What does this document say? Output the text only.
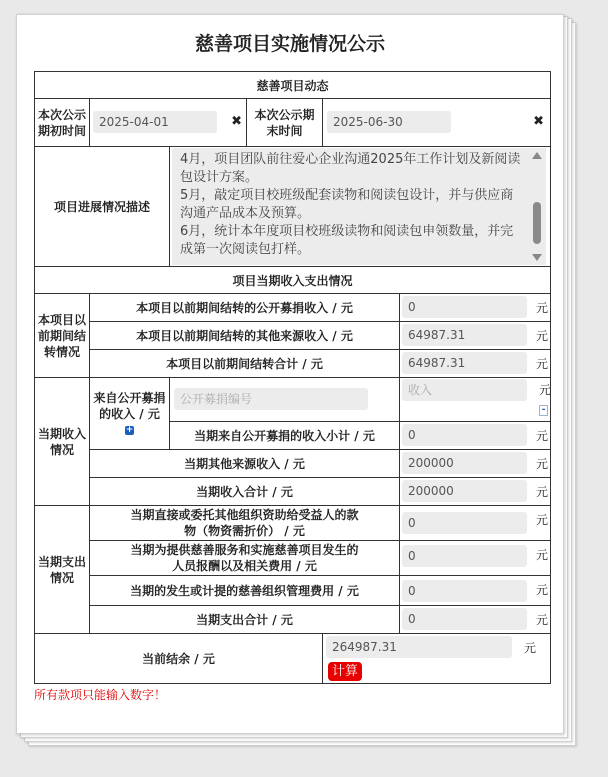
慈善项目实施情况公示
慈善项目动态					
本次公示期初时间	2025-04-01 ✖		本次公示期末时间	2025-06-30 ✖	

项目进展情况描述		4月，项目团队前往爱心企业沟通2025年工作计划及新阅读包设计方案。
5月，敲定项目校班级配套读物和阅读包设计，并与供应商沟通产品成本及预算。
6月，统计本年度项目校班级读物和阅读包申领数量，并完成第一次阅读包打样。			

项目当期收入支出情况					
本项目以前期间结转情况	本项目以前期间结转的公开募捐收入 / 元				0 元

	本项目以前期间结转的其他来源收入 / 元				64987.31 元

	本项目以前期间结转合计 / 元				64987.31 元

当期收入情况	来自公开募捐的收入 / 元 +	公开募捐编号			收入 元
-

		当期来自公开募捐的收入小计 / 元			0 元

	当期其他来源收入 / 元				200000 元

	当期收入合计 / 元				200000 元

当期支出情况	当期直接或委托其他组织资助给受益人的款物（物资需折价） / 元				0 元

	当期为提供慈善服务和实施慈善项目发生的人员报酬以及相关费用 / 元				0 元

	当期的发生或计提的慈善组织管理费用 / 元				0 元

	当期支出合计 / 元				0 元

当前结余 / 元				264987.31 元
计算	
所有款项只能输入数字！
